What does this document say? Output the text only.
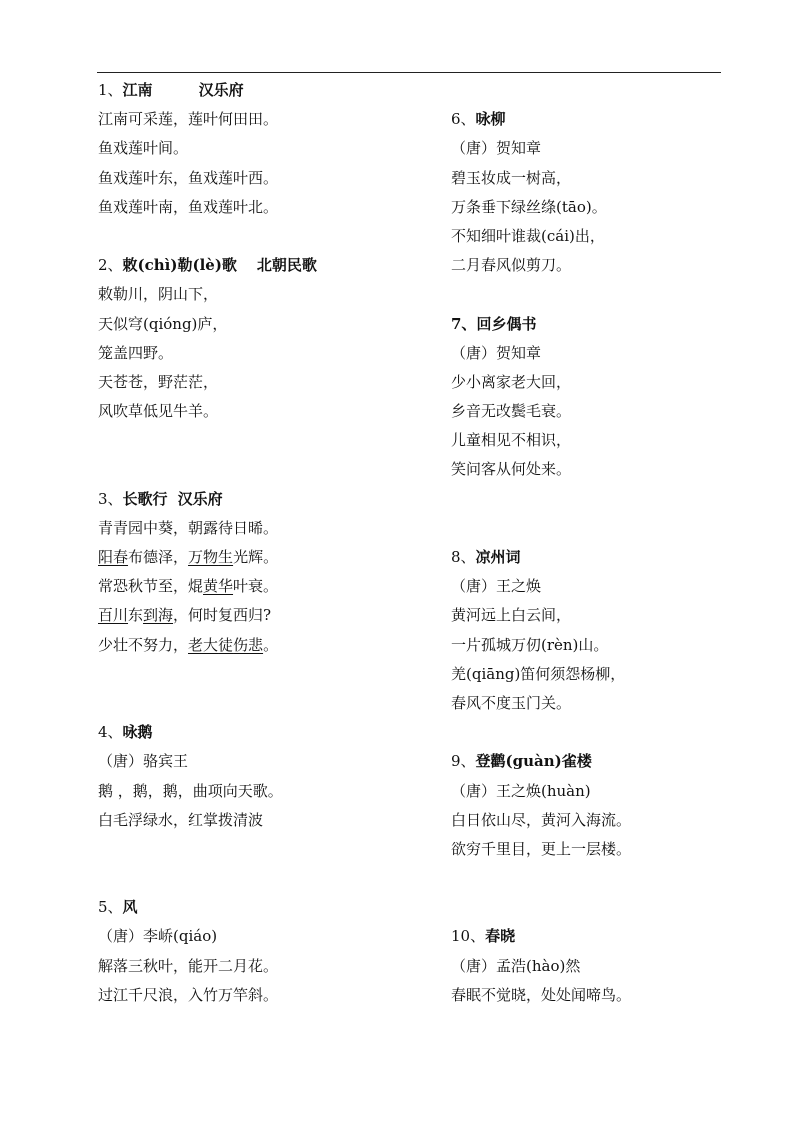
1、江南	汉乐府
江南可采莲，莲叶何田田。
鱼戏莲叶间。
鱼戏莲叶东，鱼戏莲叶西。
鱼戏莲叶南，鱼戏莲叶北。
2、敕(chì)勒(lè)歌 北朝民歌
敕勒川，阴山下，
天似穹(qióng)庐，
笼盖四野。
天苍苍，野茫茫，
风吹草低见牛羊。
3、长歌行 汉乐府
青青园中葵，朝露待日晞。
阳春布德泽，万物生光辉。
常恐秋节至，焜黄华叶衰。
百川东到海，何时复西归?
少壮不努力，老大徒伤悲。
4、咏鹅
（唐）骆宾王
鹅 ，鹅，鹅，曲项向天歌。
白毛浮绿水，红掌拨清波
5、风
（唐）李峤(qiáo)
解落三秋叶，能开二月花。
过江千尺浪，入竹万竿斜。
6、咏柳
（唐）贺知章
碧玉妆成一树高，
万条垂下绿丝绦(tāo)。
不知细叶谁裁(cái)出，
二月春风似剪刀。
7、回乡偶书
（唐）贺知章
少小离家老大回，
乡音无改鬓毛衰。
儿童相见不相识，
笑问客从何处来。
8、凉州词
（唐）王之焕
黄河远上白云间，
一片孤城万仞(rèn)山。
羌(qiāng)笛何须怨杨柳，
春风不度玉门关。
9、登鹳(guàn)雀楼
（唐）王之焕(huàn)
白日依山尽，黄河入海流。
欲穷千里目，更上一层楼。
10、春晓
（唐）孟浩(hào)然
春眠不觉晓，处处闻啼鸟。
